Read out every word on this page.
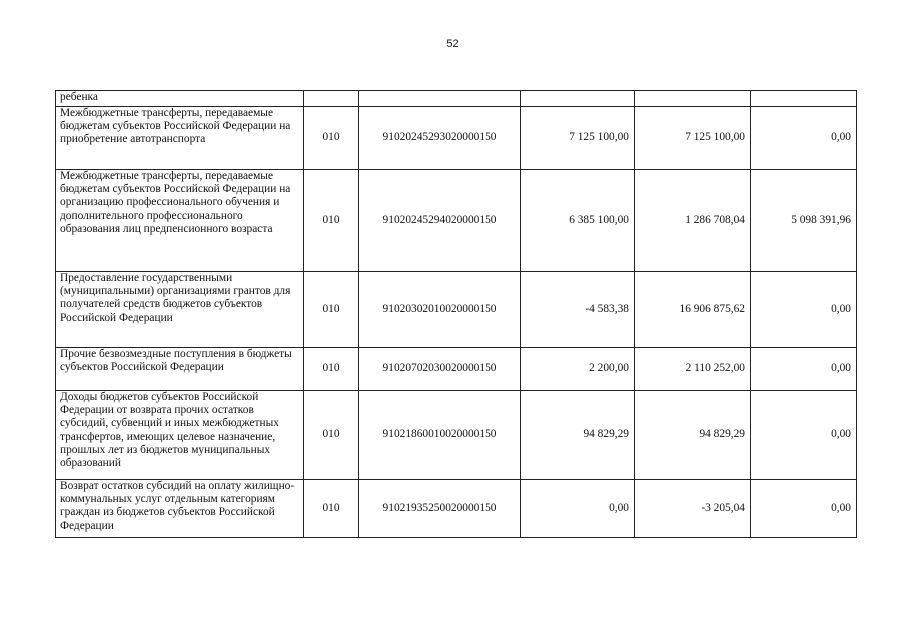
52
ребенка					
Межбюджетные трансферты, передаваемые бюджетам субъектов Российской Федерации на приобретение автотранспорта	010	91020245293020000150	7 125 100,00	7 125 100,00	0,00
Межбюджетные трансферты, передаваемые бюджетам субъектов Российской Федерации на организацию профессионального обучения и дополнительного профессионального образования лиц предпенсионного возраста	010	91020245294020000150	6 385 100,00	1 286 708,04	5 098 391,96
Предоставление государственными (муниципальными) организациями грантов для получателей средств бюджетов субъектов Российской Федерации	010	91020302010020000150	-4 583,38	16 906 875,62	0,00
Прочие безвозмездные поступления в бюджеты субъектов Российской Федерации	010	91020702030020000150	2 200,00	2 110 252,00	0,00
Доходы бюджетов субъектов Российской Федерации от возврата прочих остатков субсидий, субвенций и иных межбюджетных трансфертов, имеющих целевое назначение, прошлых лет из бюджетов муниципальных образований	010	91021860010020000150	94 829,29	94 829,29	0,00
Возврат остатков субсидий на оплату жилищно-коммунальных услуг отдельным категориям граждан из бюджетов субъектов Российской Федерации	010	91021935250020000150	0,00	-3 205,04	0,00
